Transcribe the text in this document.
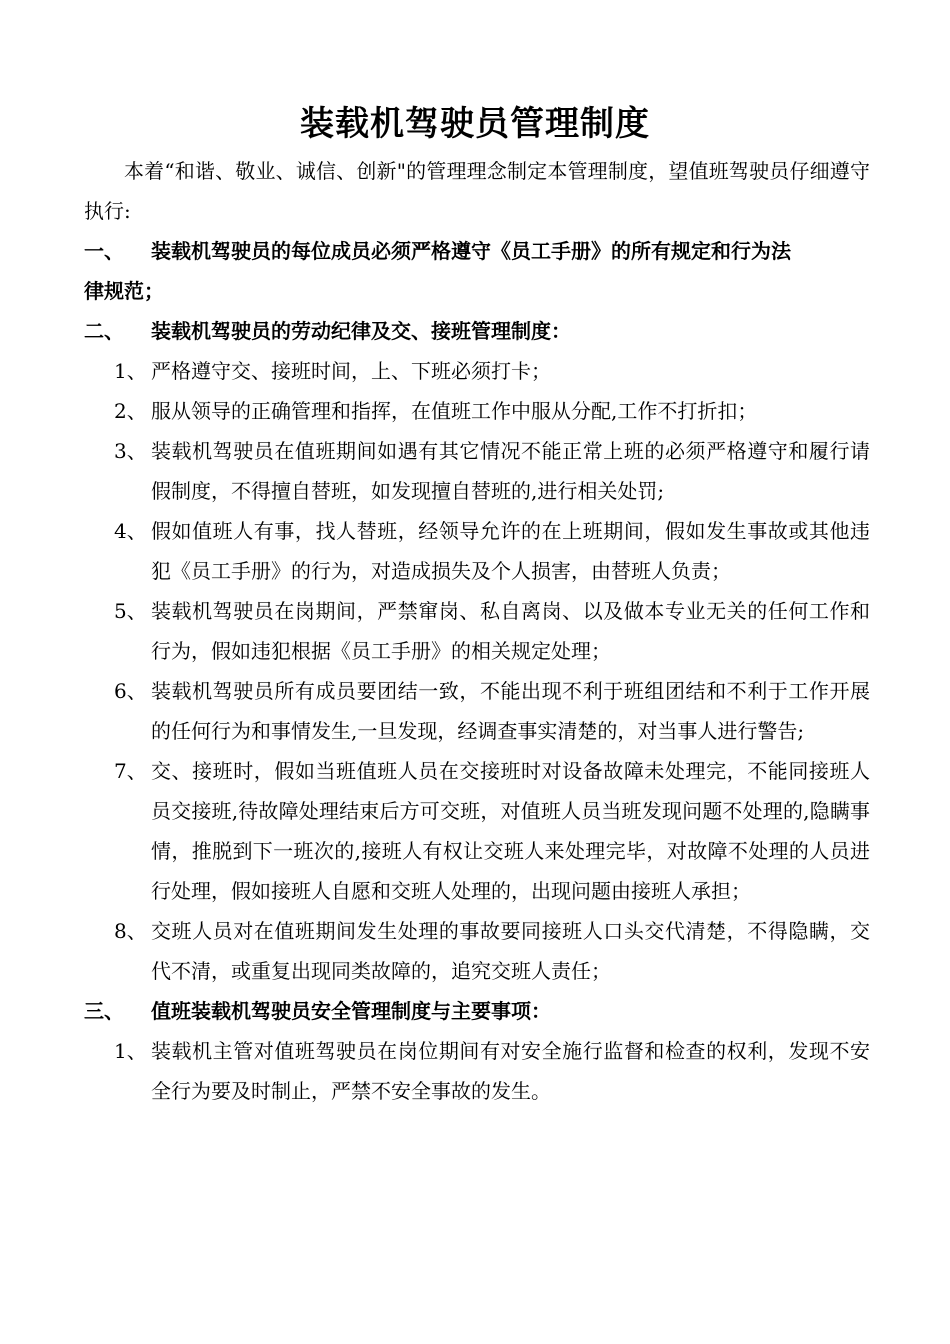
装载机驾驶员管理制度

本着“和谐、敬业、诚信、创新"的管理理念制定本管理制度，望值班驾驶员仔细遵守执行:

一、	装载机驾驶员的每位成员必须严格遵守《员工手册》的所有规定和行为法
律规范；
二、	装载机驾驶员的劳动纪律及交、接班管理制度：
1、 严格遵守交、接班时间，上、下班必须打卡；
2、 服从领导的正确管理和指挥，在值班工作中服从分配,工作不打折扣；
3、 装载机驾驶员在值班期间如遇有其它情况不能正常上班的必须严格遵守和履行请假制度，不得擅自替班，如发现擅自替班的,进行相关处罚;
4、 假如值班人有事，找人替班，经领导允许的在上班期间，假如发生事故或其他违犯《员工手册》的行为，对造成损失及个人损害，由替班人负责；
5、 装载机驾驶员在岗期间，严禁窜岗、私自离岗、以及做本专业无关的任何工作和行为，假如违犯根据《员工手册》的相关规定处理；
6、 装载机驾驶员所有成员要团结一致，不能出现不利于班组团结和不利于工作开展的任何行为和事情发生,一旦发现，经调查事实清楚的，对当事人进行警告;
7、 交、接班时，假如当班值班人员在交接班时对设备故障未处理完，不能同接班人员交接班,待故障处理结束后方可交班，对值班人员当班发现问题不处理的,隐瞒事情，推脱到下一班次的,接班人有权让交班人来处理完毕，对故障不处理的人员进行处理，假如接班人自愿和交班人处理的，出现问题由接班人承担；
8、 交班人员对在值班期间发生处理的事故要同接班人口头交代清楚，不得隐瞒，交代不清，或重复出现同类故障的，追究交班人责任；
三、	值班装载机驾驶员安全管理制度与主要事项：
1、 装载机主管对值班驾驶员在岗位期间有对安全施行监督和检查的权利，发现不安全行为要及时制止，严禁不安全事故的发生。
